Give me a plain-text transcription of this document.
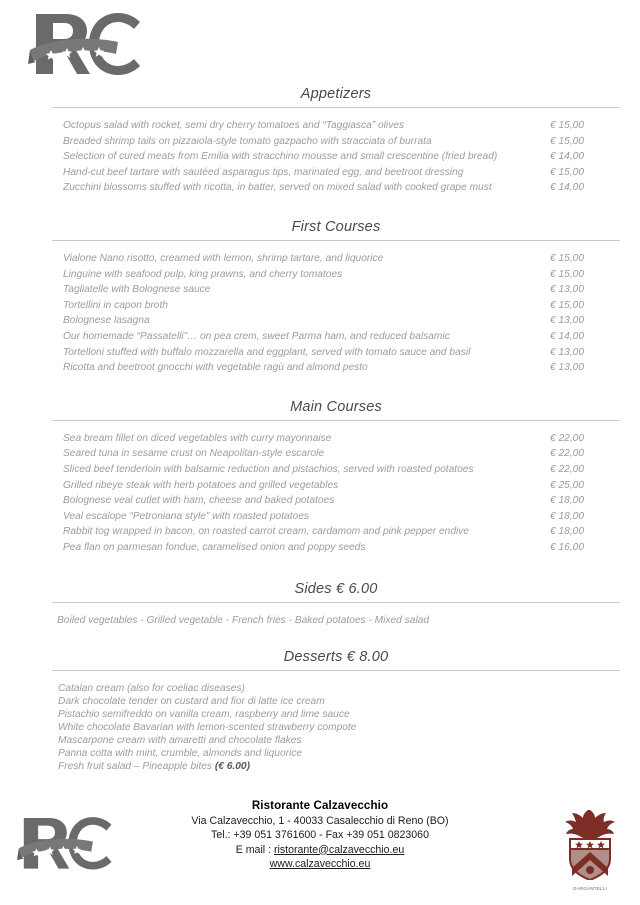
Appetizers
Octopus salad with rocket, semi dry cherry tomatoes and “Taggiasca” olives	€ 15,00
Breaded shrimp tails on pizzaiola-style tomato gazpacho with stracciata of burrata	€ 15,00
Selection of cured meats from Emilia with stracchino mousse and small crescentine (fried bread)	€ 14,00
Hand-cut beef tartare with sautéed asparagus tips, marinated egg, and beetroot dressing	€ 15,00
Zucchini blossoms stuffed with ricotta, in batter, served on mixed salad with cooked grape must	€ 14,00
First Courses
Vialone Nano risotto, creamed with lemon, shrimp tartare, and liquorice	€ 15,00
Linguine with seafood pulp, king prawns, and cherry tomatoes	€ 15,00
Tagliatelle with Bolognese sauce	€ 13,00
Tortellini in capon broth	€ 15,00
Bolognese lasagna	€ 13,00
Our homemade “Passatelli”… on pea crem, sweet Parma ham, and reduced balsamic	€ 14,00
Tortelloni stuffed with buffalo mozzarella and eggplant, served with tomato sauce and basil	€ 13,00
Ricotta and beetroot gnocchi with vegetable ragù and almond pesto	€ 13,00
Main Courses
Sea bream fillet on diced vegetables with curry mayonnaise	€ 22,00
Seared tuna in sesame crust on Neapolitan-style escarole	€ 22,00
Sliced beef tenderloin with balsamic reduction and pistachios, served with roasted potatoes	€ 22,00
Grilled ribeye steak with herb potatoes and grilled vegetables	€ 25,00
Bolognese veal cutlet with ham, cheese and baked potatoes	€ 18,00
Veal escalope “Petroniana style” with roasted potatoes	€ 18,00
Rabbit tog wrapped in bacon, on roasted carrot cream, cardamom and pink pepper endive	€ 18,00
Pea flan on parmesan fondue, caramelised onion and poppy seeds	€ 16,00
Sides € 6.00
Boiled vegetables - Grilled vegetable - French fries - Baked potatoes - Mixed salad
Desserts € 8.00
Catalan cream (also for coeliac diseases)
Dark chocolate tender on custard and fior di latte ice cream
Pistachio semifreddo on vanilla cream, raspberry and lime sauce
White chocolate Bavarian with lemon-scented strawberry compote
Mascarpone cream with amaretti and chocolate flakes
Panna cotta with mint, crumble, almonds and liquorice
Fresh fruit salad – Pineapple bites (€ 6.00)
Ristorante Calzavecchio
Via Calzavecchio, 1 - 40033 Casalecchio di Reno (BO)
Tel.: +39 051 3761600 - Fax +39 051 0823060
E mail : ristorante@calzavecchio.eu
www.calzavecchio.eu
GARGANTELLI
